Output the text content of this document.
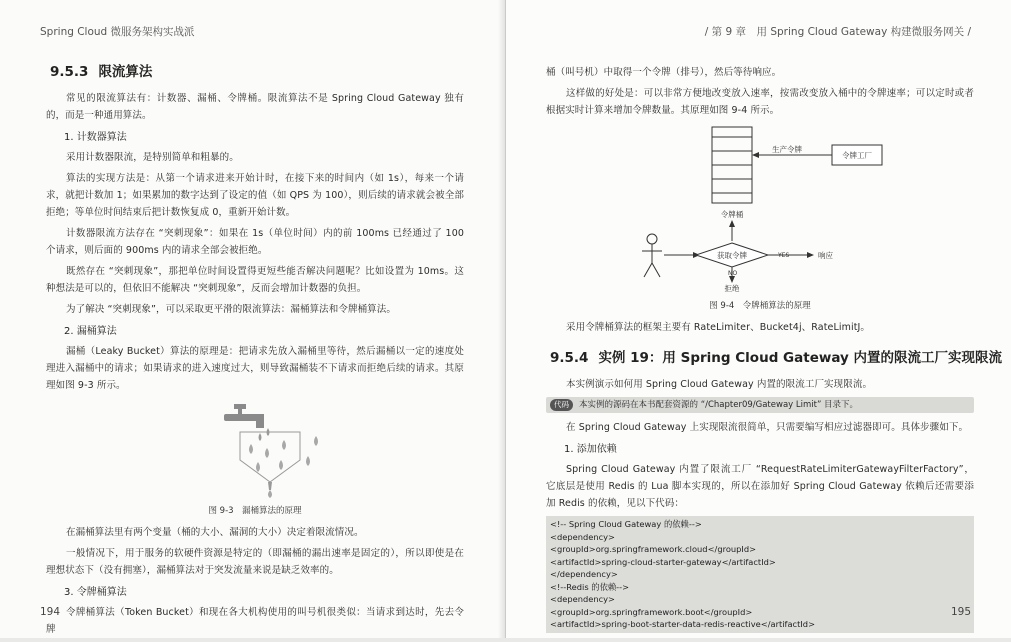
Spring Cloud 微服务架构实战派
9.5.3 限流算法
常见的限流算法有：计数器、漏桶、令牌桶。限流算法不是 Spring Cloud Gateway 独有的，而是一种通用算法。
1. 计数器算法
采用计数器限流，是特别简单和粗暴的。
算法的实现方法是：从第一个请求进来开始计时，在接下来的时间内（如 1s），每来一个请求，就把计数加 1；如果累加的数字达到了设定的值（如 QPS 为 100），则后续的请求就会被全部拒绝；等单位时间结束后把计数恢复成 0，重新开始计数。
计数器限流方法存在 “突刺现象”：如果在 1s（单位时间）内的前 100ms 已经通过了 100 个请求，则后面的 900ms 内的请求全部会被拒绝。
既然存在 “突刺现象”，那把单位时间设置得更短些能否解决问题呢？比如设置为 10ms。这种想法是可以的，但依旧不能解决 “突刺现象”，反而会增加计数器的负担。
为了解决 “突刺现象”，可以采取更平滑的限流算法：漏桶算法和令牌桶算法。
2. 漏桶算法
漏桶（Leaky Bucket）算法的原理是：把请求先放入漏桶里等待，然后漏桶以一定的速度处理进入漏桶中的请求；如果请求的进入速度过大，则导致漏桶装不下请求而拒绝后续的请求。其原理如图 9-3 所示。
图 9-3　漏桶算法的原理
在漏桶算法里有两个变量（桶的大小、漏洞的大小）决定着限流情况。
一般情况下，用于服务的软硬件资源是特定的（即漏桶的漏出速率是固定的），所以即使是在理想状态下（没有拥塞），漏桶算法对于突发流量来说是缺乏效率的。
3. 令牌桶算法
令牌桶算法（Token Bucket）和现在各大机构使用的叫号机很类似：当请求到达时，先去令牌
194
/ 第 9 章　用 Spring Cloud Gateway 构建微服务网关 /
桶（叫号机）中取得一个令牌（排号），然后等待响应。
这样做的好处是：可以非常方便地改变放入速率，按需改变放入桶中的令牌速率；可以定时或者根据实时计算来增加令牌数量。其原理如图 9-4 所示。
生产令牌
令牌工厂
令牌桶
获取令牌	YES	响应
NO
拒绝
图 9-4　令牌桶算法的原理
采用令牌桶算法的框架主要有 RateLimiter、Bucket4j、RateLimitJ。
9.5.4 实例 19：用 Spring Cloud Gateway 内置的限流工厂实现限流
本实例演示如何用 Spring Cloud Gateway 内置的限流工厂实现限流。
代码	本实例的源码在本书配套资源的 “/Chapter09/Gateway Limit” 目录下。
在 Spring Cloud Gateway 上实现限流很简单，只需要编写相应过滤器即可。具体步骤如下。
1. 添加依赖
Spring Cloud Gateway 内置了限流工厂 “RequestRateLimiterGatewayFilterFactory”，它底层是使用 Redis 的 Lua 脚本实现的，所以在添加好 Spring Cloud Gateway 依赖后还需要添加 Redis 的依赖，见以下代码：
<!-- Spring Cloud Gateway 的依赖-->
<dependency>
<groupId>org.springframework.cloud</groupId>
<artifactId>spring-cloud-starter-gateway</artifactId>
</dependency>
<!--Redis 的依赖-->
<dependency>
<groupId>org.springframework.boot</groupId>
<artifactId>spring-boot-starter-data-redis-reactive</artifactId>
195
